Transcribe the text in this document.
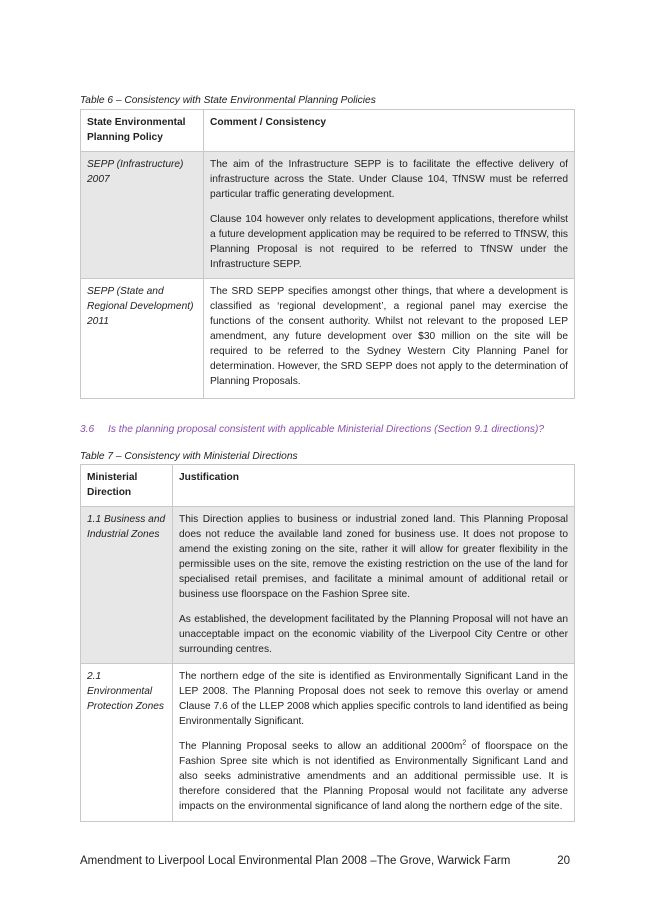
Table 6 – Consistency with State Environmental Planning Policies
State Environmental Planning Policy	Comment / Consistency
SEPP (Infrastructure) 2007	The aim of the Infrastructure SEPP is to facilitate the effective delivery of infrastructure across the State. Under Clause 104, TfNSW must be referred particular traffic generating development.

Clause 104 however only relates to development applications, therefore whilst a future development application may be required to be referred to TfNSW, this Planning Proposal is not required to be referred to TfNSW under the Infrastructure SEPP.

SEPP (State and Regional Development) 2011	The SRD SEPP specifies amongst other things, that where a development is classified as ‘regional development’, a regional panel may exercise the functions of the consent authority. Whilst not relevant to the proposed LEP amendment, any future development over $30 million on the site will be required to be referred to the Sydney Western City Planning Panel for determination. However, the SRD SEPP does not apply to the determination of Planning Proposals.

3.6 Is the planning proposal consistent with applicable Ministerial Directions (Section 9.1 directions)?
Table 7 – Consistency with Ministerial Directions
Ministerial Direction	Justification
1.1 Business and Industrial Zones	This Direction applies to business or industrial zoned land. This Planning Proposal does not reduce the available land zoned for business use. It does not propose to amend the existing zoning on the site, rather it will allow for greater flexibility in the permissible uses on the site, remove the existing restriction on the use of the land for specialised retail premises, and facilitate a minimal amount of additional retail or business use floorspace on the Fashion Spree site.

As established, the development facilitated by the Planning Proposal will not have an unacceptable impact on the economic viability of the Liverpool City Centre or other surrounding centres.

2.1 Environmental Protection Zones	The northern edge of the site is identified as Environmentally Significant Land in the LEP 2008. The Planning Proposal does not seek to remove this overlay or amend Clause 7.6 of the LLEP 2008 which applies specific controls to land identified as being Environmentally Significant.

The Planning Proposal seeks to allow an additional $2000m^2$ of floorspace on the Fashion Spree site which is not identified as Environmentally Significant Land and also seeks administrative amendments and an additional permissible use. It is therefore considered that the Planning Proposal would not facilitate any adverse impacts on the environmental significance of land along the northern edge of the site.

Amendment to Liverpool Local Environmental Plan 2008 –The Grove, Warwick Farm	20
